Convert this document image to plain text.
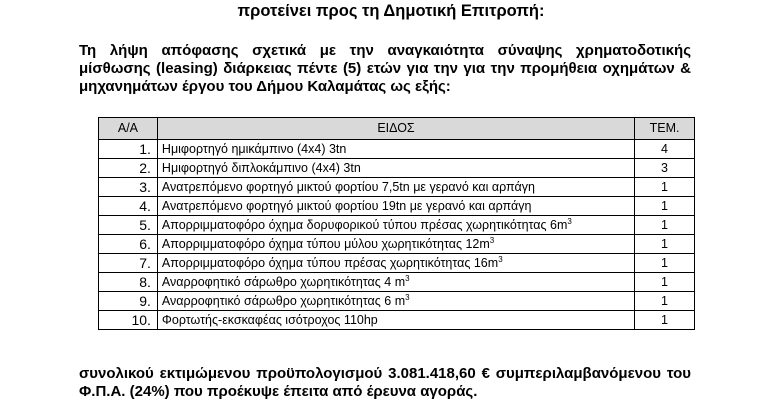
προτείνει προς τη Δημοτική Επιτροπή:
Τη λήψη απόφασης σχετικά με την αναγκαιότητα σύναψης χρηματοδοτικής μίσθωσης (leasing) διάρκειας πέντε (5) ετών για την για την προμήθεια οχημάτων & μηχανημάτων έργου του Δήμου Καλαμάτας ως εξής:
Α/Α	ΕΙΔΟΣ	ΤΕΜ.
1.	Ημιφορτηγό ημικάμπινο (4x4) 3tn	4
2.	Ημιφορτηγό διπλοκάμπινο (4x4) 3tn	3
3.	Ανατρεπόμενο φορτηγό μικτού φορτίου 7,5tn με γερανό και αρπάγη	1
4.	Ανατρεπόμενο φορτηγό μικτού φορτίου 19tn με γερανό και αρπάγη	1
5.	Απορριμματοφόρο όχημα δορυφορικού τύπου πρέσας χωρητικότητας $6m^3$	1
6.	Απορριμματοφόρο όχημα τύπου μύλου χωρητικότητας $12m^3$	1
7.	Απορριμματοφόρο όχημα τύπου πρέσας χωρητικότητας $16m^3$	1
8.	Αναρροφητικό σάρωθρο χωρητικότητας 4 $m^3$	1
9.	Αναρροφητικό σάρωθρο χωρητικότητας 6 $m^3$	1
10.	Φορτωτής-εκσκαφέας ισότροχος 110hp	1
συνολικού εκτιμώμενου προϋπολογισμού 3.081.418,60 € συμπεριλαμβανόμενου του Φ.Π.Α. (24%) που προέκυψε έπειτα από έρευνα αγοράς.
